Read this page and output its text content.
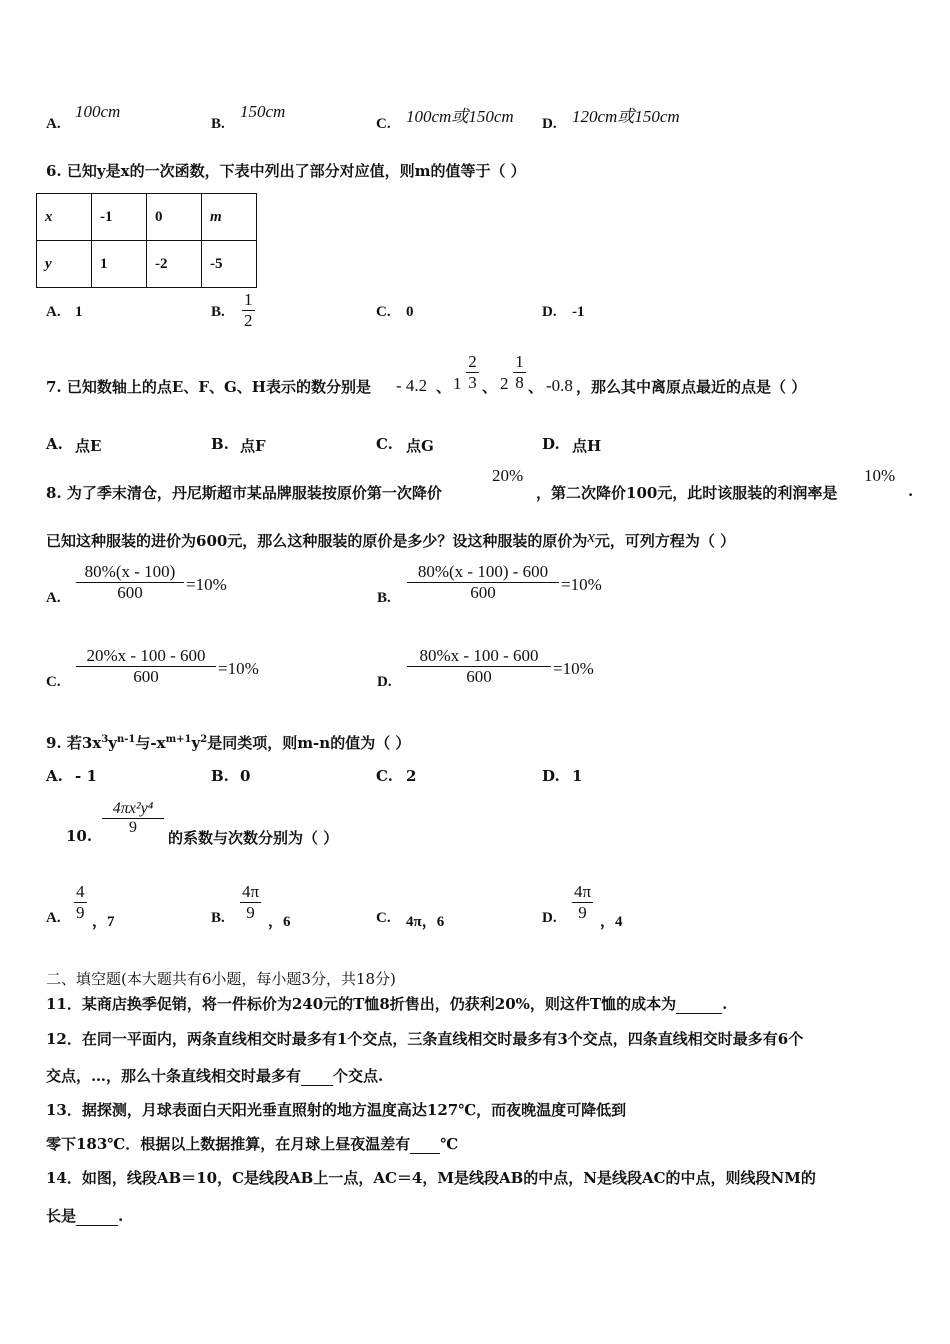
A.
100cm
B.
150cm
C. 100cm或150cm D. 120cm或150cm
6. 已知y是x的一次函数，下表中列出了部分对应值，则m的值等于（ ）
x	-1	0	m
y	1	-2	-5
A. 1	B. $\frac{1}{2}$	C. 0	D. -1
7. 已知数轴上的点E、F、G、H表示的数分别是 - 4.2 、 $1 \frac{2}{3}$ 、 $2 \frac{1}{8}$ 、 -0.8 ，那么其中离原点最近的点是（ ）
A. 点E	B. 点F	C. 点G	D. 点H
8. 为了季末清仓，丹尼斯超市某品牌服装按原价第一次降价
20%
，第二次降价100元，此时该服装的利润率是
10%
.
已知这种服装的进价为600元，那么这种服装的原价是多少？设这种服装的原价为x元，可列方程为（ ）
A. $\frac{80\%(x - 100)}{600} =10\%$
B. $\frac{80\%(x - 100) - 600}{600} =10\%$
C. $\frac{20\%x - 100 - 600}{600} =10\%$
D. $\frac{80\%x - 100 - 600}{600} =10\%$
9. 若$3x^3y^{n-1}$与$-x^{m+1}y^2$是同类项，则m-n的值为（ ）
A. - 1	B. 0	C. 2	D. 1
10. $\frac{\text{4πx²y⁴}}{9}$
的系数与次数分别为（ ）
A. $\frac{4}{9}$ ，7	B. $\frac{4\pi}{9}$ ，6	C. 4π，6	D. $\frac{4\pi}{9}$ ，4
二、填空题(本大题共有6小题，每小题3分，共18分)
11．某商店换季促销，将一件标价为240元的T恤8折售出，仍获利20%，则这件T恤的成本为	.
12．在同一平面内，两条直线相交时最多有1个交点，三条直线相交时最多有3个交点，四条直线相交时最多有6个
交点，…，那么十条直线相交时最多有 个交点.
13．据探测，月球表面白天阳光垂直照射的地方温度高达127℃，而夜晚温度可降低到
零下183℃．根据以上数据推算，在月球上昼夜温差有 ℃
14．如图，线段AB＝10，C是线段AB上一点，AC＝4，M是线段AB的中点，N是线段AC的中点，则线段NM的
长是	.
